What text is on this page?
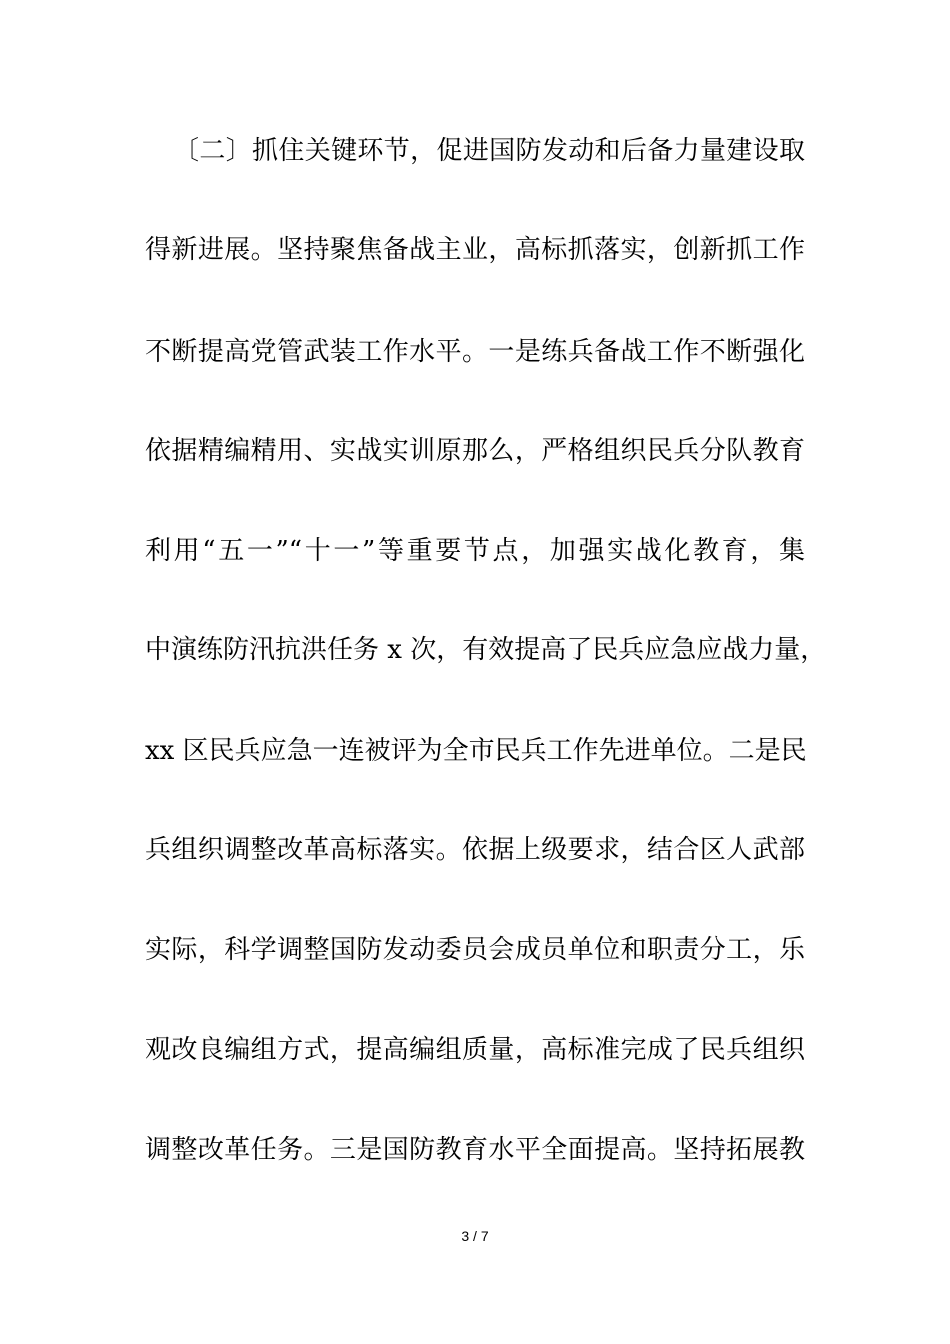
〔二〕抓住关键环节，促进国防发动和后备力量建设取
得新进展。坚持聚焦备战主业，高标抓落实，创新抓工作
不断提高党管武装工作水平。一是练兵备战工作不断强化
依据精编精用、实战实训原那么，严格组织民兵分队教育
利用“五一”“十一”等重要节点，加强实战化教育，集
中演练防汛抗洪任务 x 次，有效提高了民兵应急应战力量，
xx 区民兵应急一连被评为全市民兵工作先进单位。二是民
兵组织调整改革高标落实。依据上级要求，结合区人武部
实际，科学调整国防发动委员会成员单位和职责分工，乐
观改良编组方式，提高编组质量，高标准完成了民兵组织
调整改革任务。三是国防教育水平全面提高。坚持拓展教
3 / 7
